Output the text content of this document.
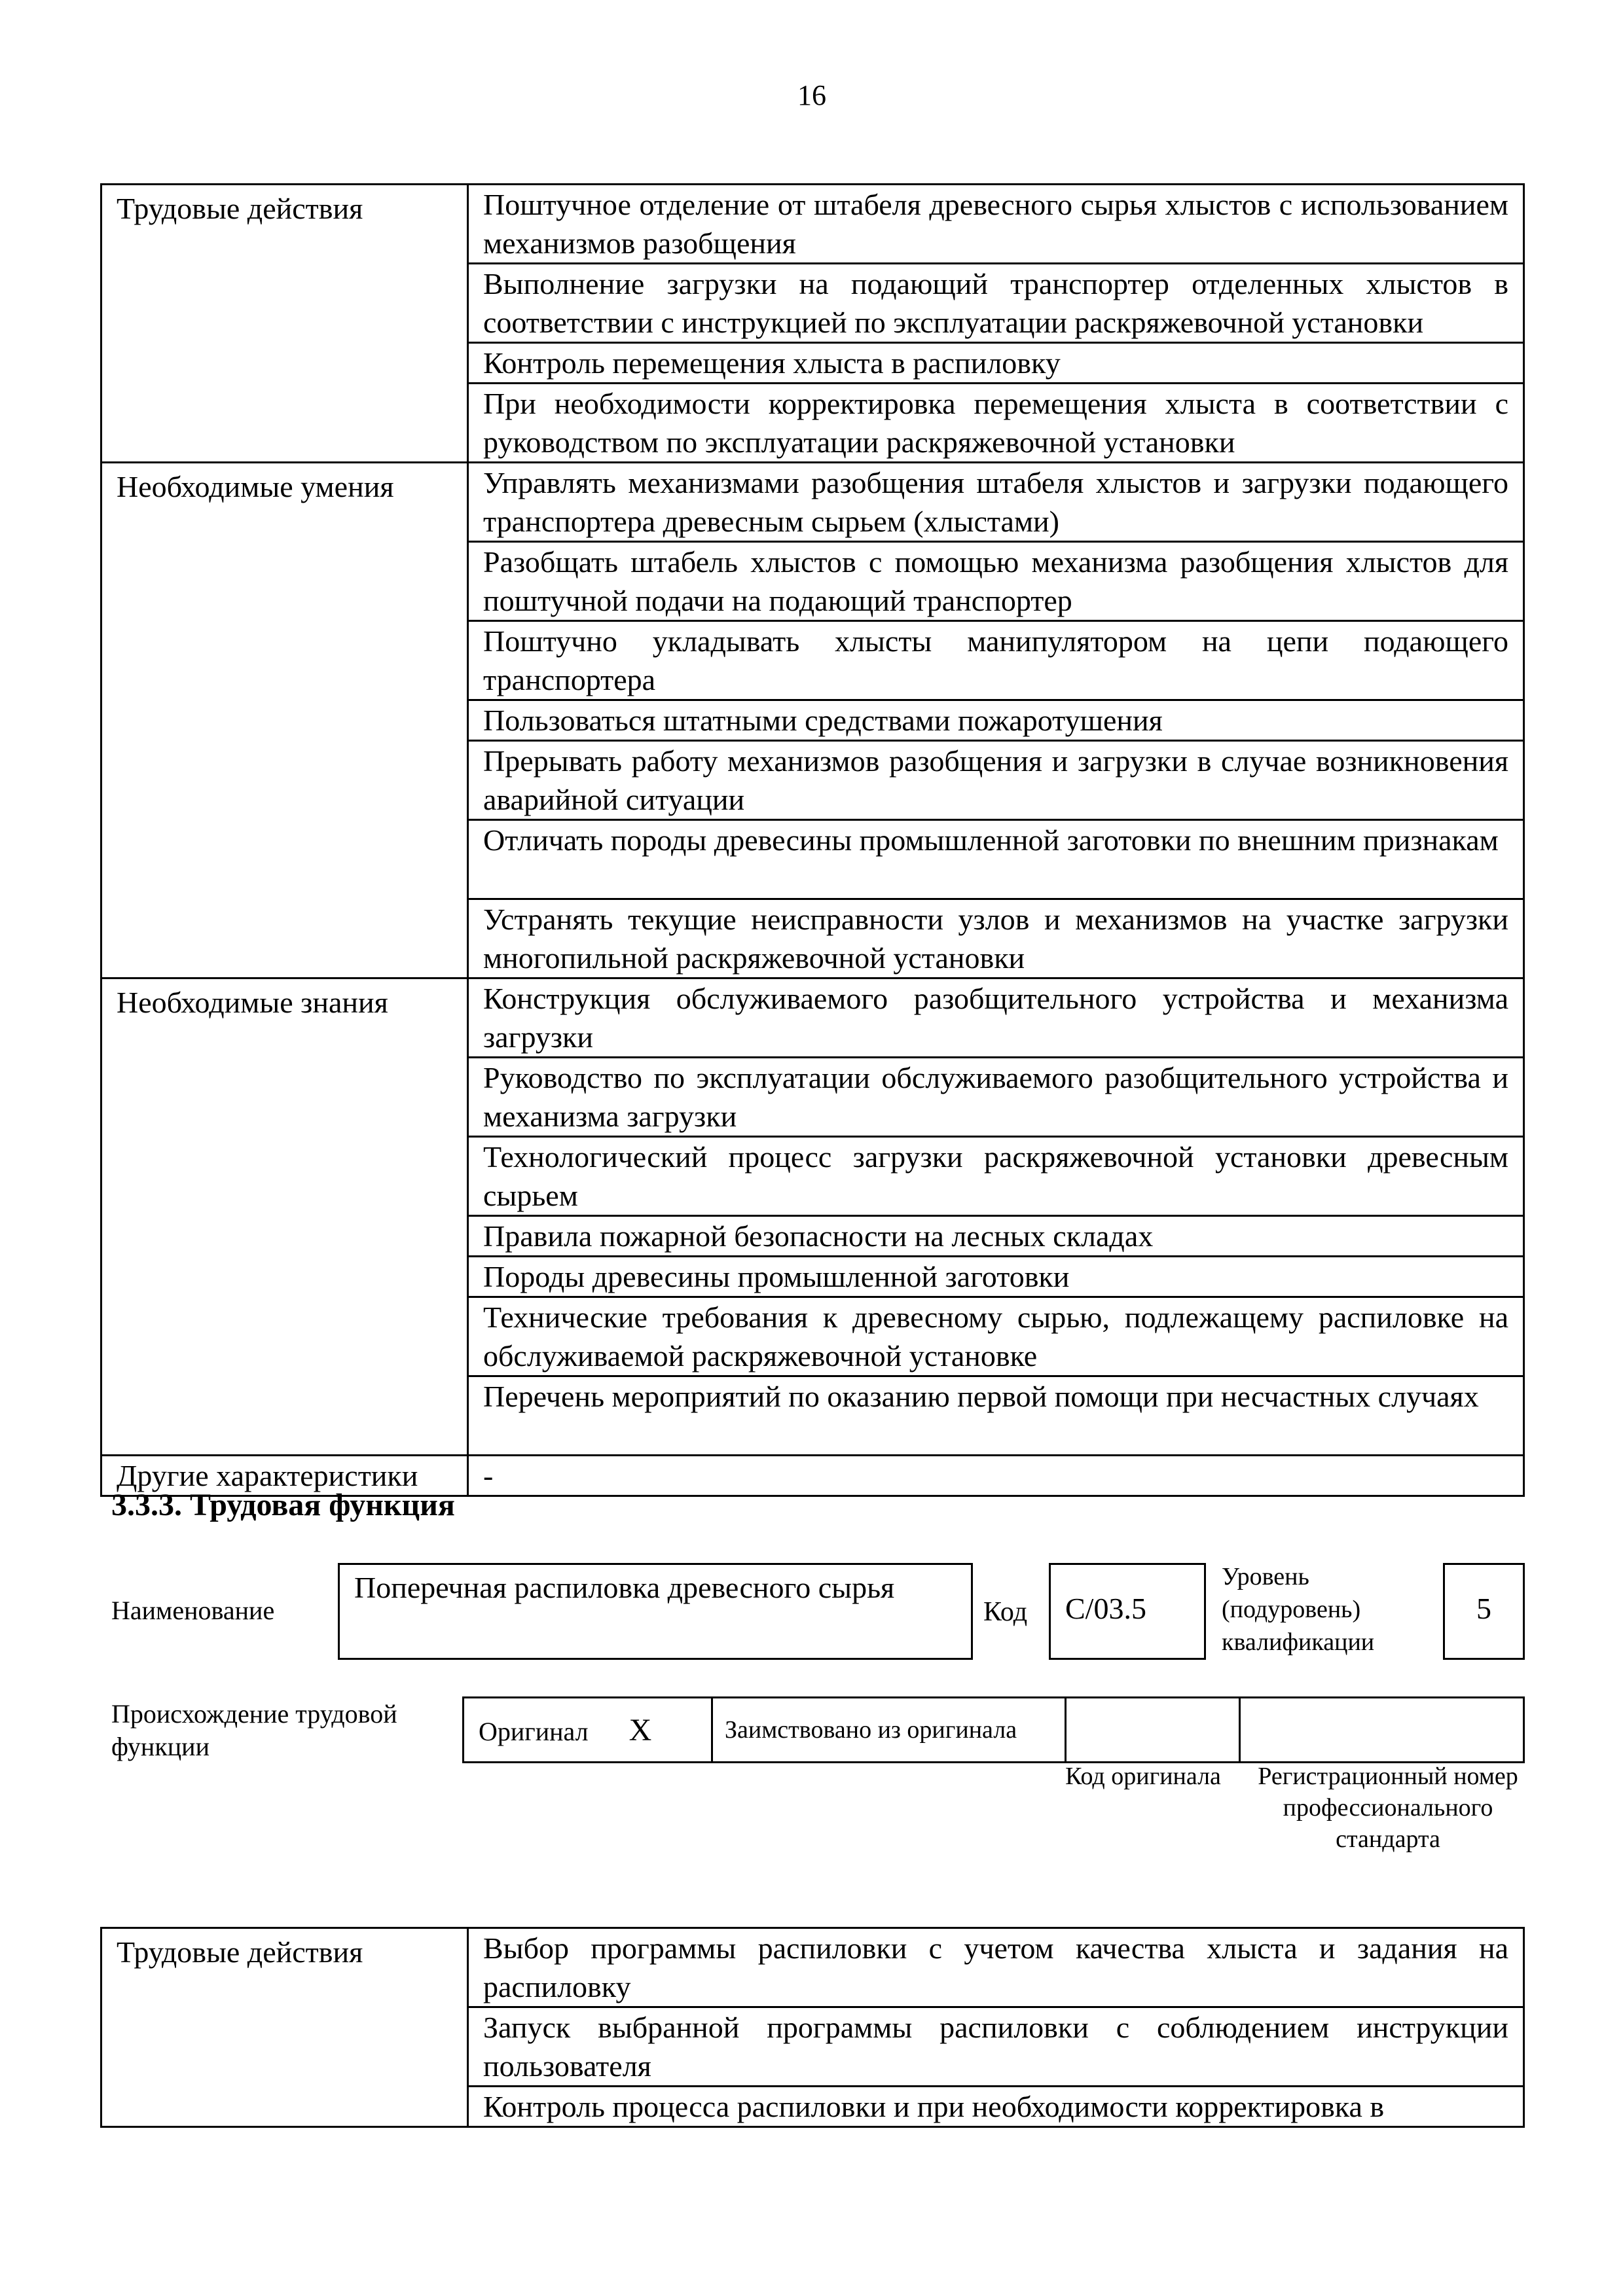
16
Трудовые действия	Поштучное отделение от штабеля древесного сырья хлыстов с использованием механизмов разобщения
	Выполнение загрузки на подающий транспортер отделенных хлыстов в соответствии с инструкцией по эксплуатации раскряжевочной установки
	Контроль перемещения хлыста в распиловку
	При необходимости корректировка перемещения хлыста в соответствии с руководством по эксплуатации раскряжевочной установки
Необходимые умения	Управлять механизмами разобщения штабеля хлыстов и загрузки подающего транспортера древесным сырьем (хлыстами)
	Разобщать штабель хлыстов с помощью механизма разобщения хлыстов для поштучной подачи на подающий транспортер
	Поштучно укладывать хлысты манипулятором на цепи подающего транспортера
	Пользоваться штатными средствами пожаротушения
	Прерывать работу механизмов разобщения и загрузки в случае возникновения аварийной ситуации
	Отличать породы древесины промышленной заготовки по внешним признакам
	Устранять текущие неисправности узлов и механизмов на участке загрузки многопильной раскряжевочной установки
Необходимые знания	Конструкция обслуживаемого разобщительного устройства и механизма загрузки
	Руководство по эксплуатации обслуживаемого разобщительного устройства и механизма загрузки
	Технологический процесс загрузки раскряжевочной установки древесным сырьем
	Правила пожарной безопасности на лесных складах
	Породы древесины промышленной заготовки
	Технические требования к древесному сырью, подлежащему распиловке на обслуживаемой раскряжевочной установке
	Перечень мероприятий по оказанию первой помощи при несчастных случаях
Другие характеристики	-
3.3.3. Трудовая функция
Наименование
Поперечная распиловка древесного сырья
Код	C/03.5
Уровень
(подуровень)
квалификации
5
Происхождение трудовой функции
Оригинал X	Заимствовано из оригинала		
Код оригинала	Регистрационный номер профессионального стандарта
Трудовые действия	Выбор программы распиловки с учетом качества хлыста и задания на распиловку
Запуск выбранной программы распиловки с соблюдением инструкции пользователя
Контроль процесса распиловки и при необходимости корректировка в
